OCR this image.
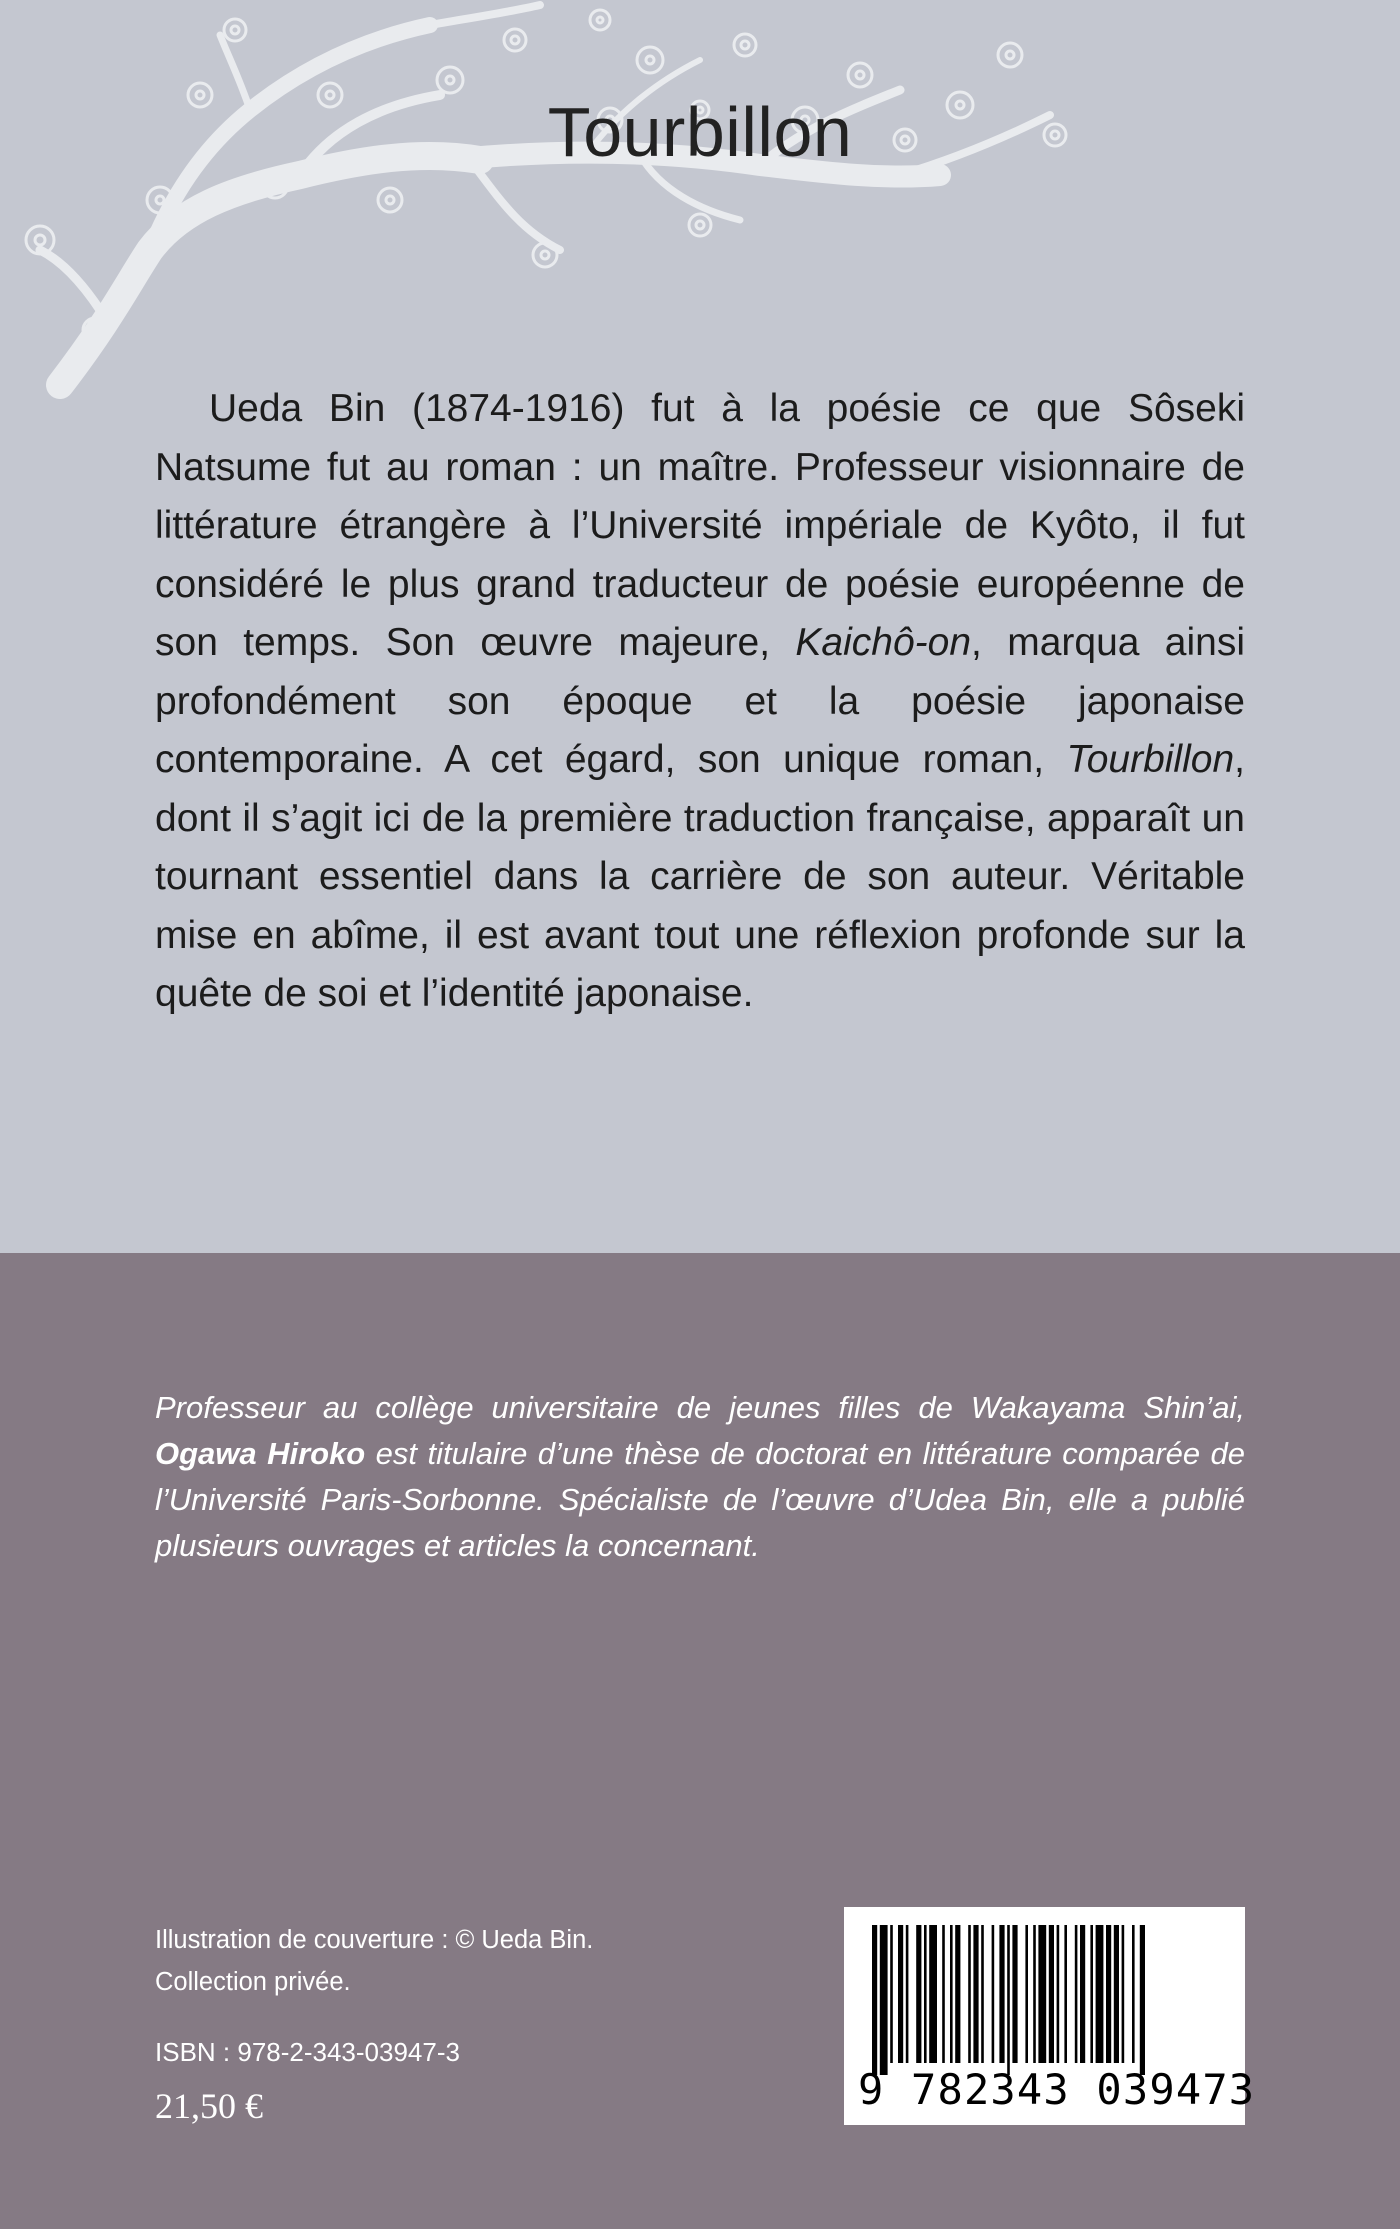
Tourbillon

Ueda Bin (1874-1916) fut à la poésie ce que Sôseki Natsume fut au roman : un maître. Professeur visionnaire de littérature étrangère à l’Université impériale de Kyôto, il fut considéré le plus grand traducteur de poésie européenne de son temps. Son œuvre majeure, Kaichô-on, marqua ainsi profondément son époque et la poésie japonaise contemporaine. A cet égard, son unique roman, Tourbillon, dont il s’agit ici de la première traduction française, apparaît un tournant essentiel dans la carrière de son auteur. Véritable mise en abîme, il est avant tout une réflexion profonde sur la quête de soi et l’identité japonaise.

Professeur au collège universitaire de jeunes filles de Wakayama Shin’ai, Ogawa Hiroko est titulaire d’une thèse de doctorat en littérature comparée de l’Université Paris-Sorbonne. Spécialiste de l’œuvre d’Udea Bin, elle a publié plusieurs ouvrages et articles la concernant.

Illustration de couverture : © Ueda Bin.
Collection privée.
ISBN : 978-2-343-03947-3
21,50 €	9 782343 039473
